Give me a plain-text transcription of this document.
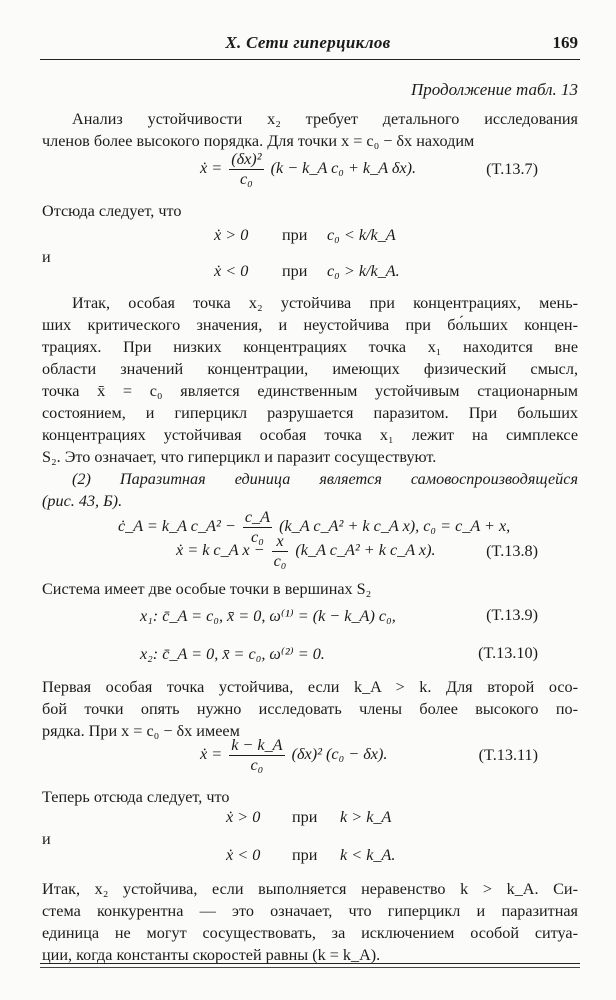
X. Сети гиперциклов	169
Продолжение табл. 13
Анализ устойчивости x₂ требует детального исследования
членов более высокого порядка. Для точки x = c₀ − δx находим
ẋ = $\frac{\text{(δx)²}}{\text{c₀}} (k$ − k_A c₀ + k_A δx).	(T.13.7)
Отсюда следует, что
ẋ > 0 при c₀ < k/k_A
и
ẋ < 0 при c₀ > k/k_A.
Итак, особая точка x₂ устойчива при концентрациях, мень-
ших критического значения, и неустойчива при бо́льших концен-
трациях. При низких концентрациях точка x₁ находится вне
области значений концентрации, имеющих физический смысл,
точка x̄ = c₀ является единственным устойчивым стационарным
состоянием, и гиперцикл разрушается паразитом. При больших
концентрациях устойчивая особая точка x₁ лежит на симплексе
S₂. Это означает, что гиперцикл и паразит сосуществуют.
(2) Паразитная единица является самовоспроизводящейся
(рис. 43, Б).
ċ_A = k_A c_A² − $\frac{c\_A}{\text{c₀}}$ (k_A c_A² + k c_A x), c₀ = c_A + x,
ẋ = k c_A $x - \frac{x}{\text{c₀}}$ (k_A c_A² + k c_A x).	(T.13.8)
Система имеет две особые точки в вершинах S₂
x₁: c̄_A = c₀, x̄ = 0, ω⁽¹⁾ = (k − k_A) c₀,	(T.13.9)
x₂: c̄_A = 0, x̄ = c₀, ω⁽²⁾ = 0.	(T.13.10)
Первая особая точка устойчива, если k_A > k. Для второй осо-
бой точки опять нужно исследовать члены более высокого по-
рядка. При x = c₀ − δx имеем
ẋ = $\frac{k - k\_A}{\text{c₀}} (\delta x)^2$ (c₀ − δx).	(T.13.11)
Теперь отсюда следует, что
ẋ > 0 при k > k_A
и
ẋ < 0 при k < k_A.
Итак, x₂ устойчива, если выполняется неравенство k > k_A. Си-
стема конкурентна — это означает, что гиперцикл и паразитная
единица не могут сосуществовать, за исключением особой ситуа-
ции, когда константы скоростей равны (k = k_A).
